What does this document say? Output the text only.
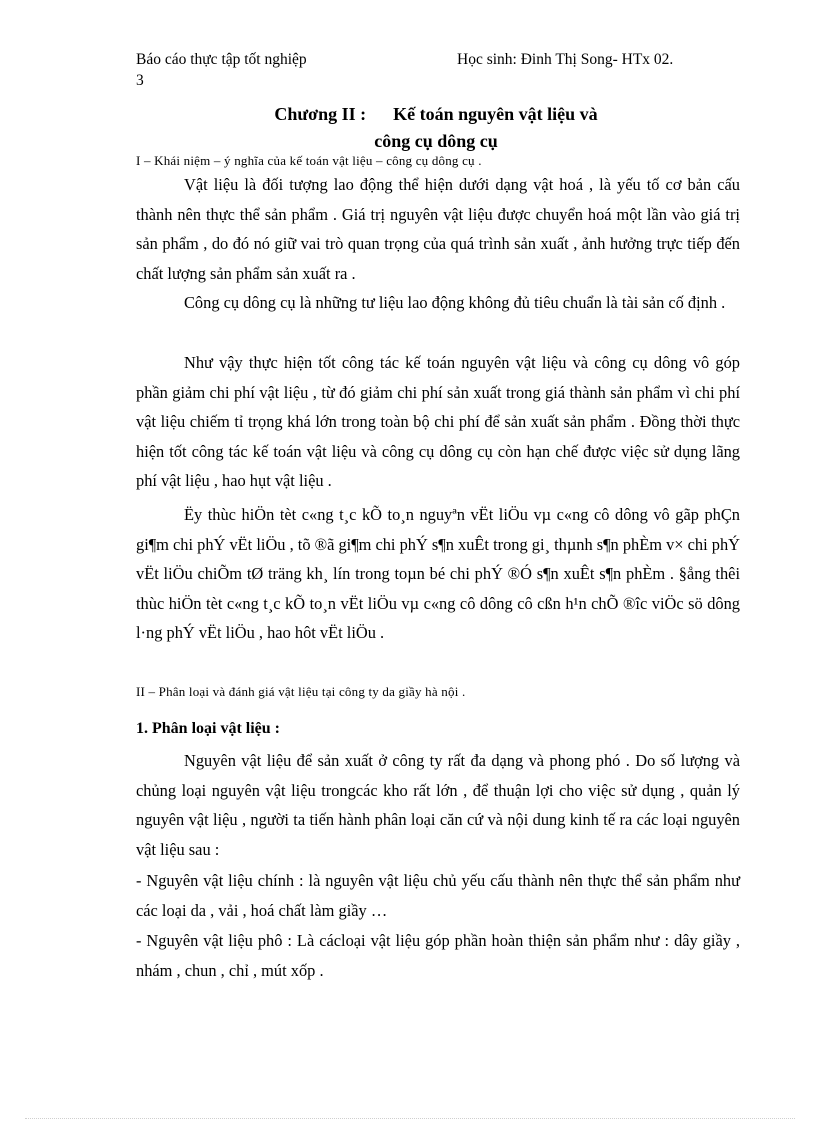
Báo cáo thực tập tốt nghiệp	Học sinh: Đinh Thị Song- HTx 02.
3
Chương II :      Kế toán nguyên vật liệu và
công cụ dông cụ
I – Khái niệm – ý nghĩa của kế toán vật liệu – công cụ dông cụ .

Vật liệu là đối tượng lao động thể hiện dưới dạng vật hoá , là yếu tố cơ bản cấu thành nên thực thể sản phẩm . Giá trị nguyên vật liệu được chuyển hoá một lần vào giá trị sản phẩm , do đó nó giữ vai trò quan trọng của quá trình sản xuất , ảnh hưởng trực tiếp đến chất lượng sản phẩm sản xuất ra .

Công cụ dông cụ là những tư liệu lao động không đủ tiêu chuẩn là tài sản cố định .

Như vậy thực hiện tốt công tác kế toán nguyên vật liệu và công cụ dông vô góp phần giảm chi phí vật liệu , từ đó giảm chi phí sản xuất trong giá thành sản phẩm vì chi phí vật liệu chiếm tỉ trọng khá lớn trong toàn bộ chi phí để sản xuất sản phẩm . Đồng thời thực hiện tốt công tác kế toán vật liệu và công cụ dông cụ còn hạn chế được việc sử dụng lãng phí vật liệu , hao hụt vật liệu .

Ëy thùc hiÖn tèt c«ng t¸c kÕ to¸n nguyªn vËt liÖu vµ c«ng cô dông vô gãp phÇn gi¶m chi phÝ vËt liÖu , tõ ®ã gi¶m chi phÝ s¶n xuÊt trong gi¸ thµnh s¶n phÈm v× chi phÝ vËt liÖu chiÕm tØ träng kh¸ lín trong toµn bé chi phÝ ®Ó s¶n xuÊt s¶n phÈm . §ång thêi thùc hiÖn tèt c«ng t¸c kÕ to¸n vËt liÖu vµ c«ng cô dông cô cßn h¹n chÕ ®îc viÖc sö dông l·ng phÝ vËt liÖu , hao hôt vËt liÖu .

II – Phân loại và đánh giá vật liệu tại công ty da giầy hà nội .
1. Phân loại vật liệu :

Nguyên vật liệu để sản xuất ở công ty rất đa dạng và phong phó . Do số lượng và chủng loại nguyên vật liệu trongcác kho rất lớn , để thuận lợi cho việc sử dụng , quản lý nguyên vật liệu , người ta tiến hành phân loại căn cứ và nội dung kinh tế ra các loại nguyên vật liệu sau :

- Nguyên vật liệu chính : là nguyên vật liệu chủ yếu cấu thành nên thực thể sản phẩm như các loại da , vải , hoá chất làm giầy …

- Nguyên vật liệu phô : Là cácloại vật liệu góp phần hoàn thiện sản phẩm như : dây giầy , nhám , chun , chỉ , mút xốp .
